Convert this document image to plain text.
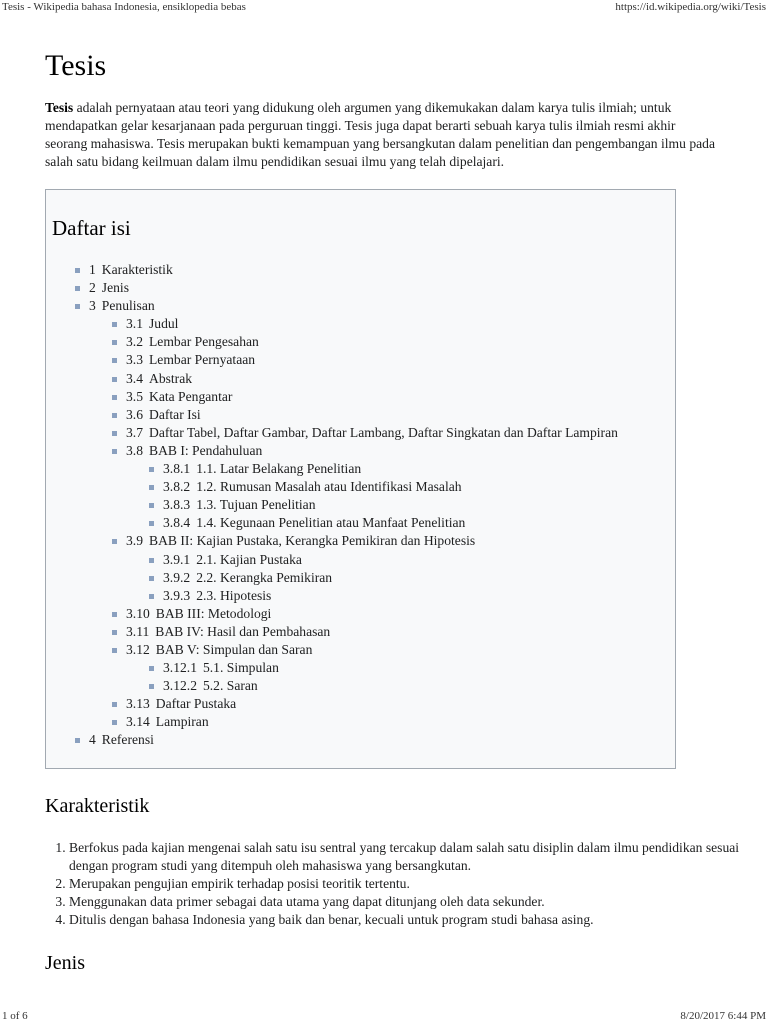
Tesis - Wikipedia bahasa Indonesia, ensiklopedia bebas	https://id.wikipedia.org/wiki/Tesis
Tesis

Tesis adalah pernyataan atau teori yang didukung oleh argumen yang dikemukakan dalam karya tulis ilmiah; untuk mendapatkan gelar kesarjanaan pada perguruan tinggi. Tesis juga dapat berarti sebuah karya tulis ilmiah resmi akhir seorang mahasiswa. Tesis merupakan bukti kemampuan yang bersangkutan dalam penelitian dan pengembangan ilmu pada salah satu bidang keilmuan dalam ilmu pendidikan sesuai ilmu yang telah dipelajari.

Daftar isi
1 Karakteristik
2 Jenis
3 Penulisan
3.1 Judul
3.2 Lembar Pengesahan
3.3 Lembar Pernyataan
3.4 Abstrak
3.5 Kata Pengantar
3.6 Daftar Isi
3.7 Daftar Tabel, Daftar Gambar, Daftar Lambang, Daftar Singkatan dan Daftar Lampiran
3.8 BAB I: Pendahuluan
3.8.1 1.1. Latar Belakang Penelitian
3.8.2 1.2. Rumusan Masalah atau Identifikasi Masalah
3.8.3 1.3. Tujuan Penelitian
3.8.4 1.4. Kegunaan Penelitian atau Manfaat Penelitian
3.9 BAB II: Kajian Pustaka, Kerangka Pemikiran dan Hipotesis
3.9.1 2.1. Kajian Pustaka
3.9.2 2.2. Kerangka Pemikiran
3.9.3 2.3. Hipotesis
3.10 BAB III: Metodologi
3.11 BAB IV: Hasil dan Pembahasan
3.12 BAB V: Simpulan dan Saran
3.12.1 5.1. Simpulan
3.12.2 5.2. Saran
3.13 Daftar Pustaka
3.14 Lampiran
4 Referensi
Karakteristik
1. Berfokus pada kajian mengenai salah satu isu sentral yang tercakup dalam salah satu disiplin dalam ilmu pendidikan sesuai dengan program studi yang ditempuh oleh mahasiswa yang bersangkutan.
2. Merupakan pengujian empirik terhadap posisi teoritik tertentu.
3. Menggunakan data primer sebagai data utama yang dapat ditunjang oleh data sekunder.
4. Ditulis dengan bahasa Indonesia yang baik dan benar, kecuali untuk program studi bahasa asing.
Jenis
1 of 6	8/20/2017 6:44 PM
